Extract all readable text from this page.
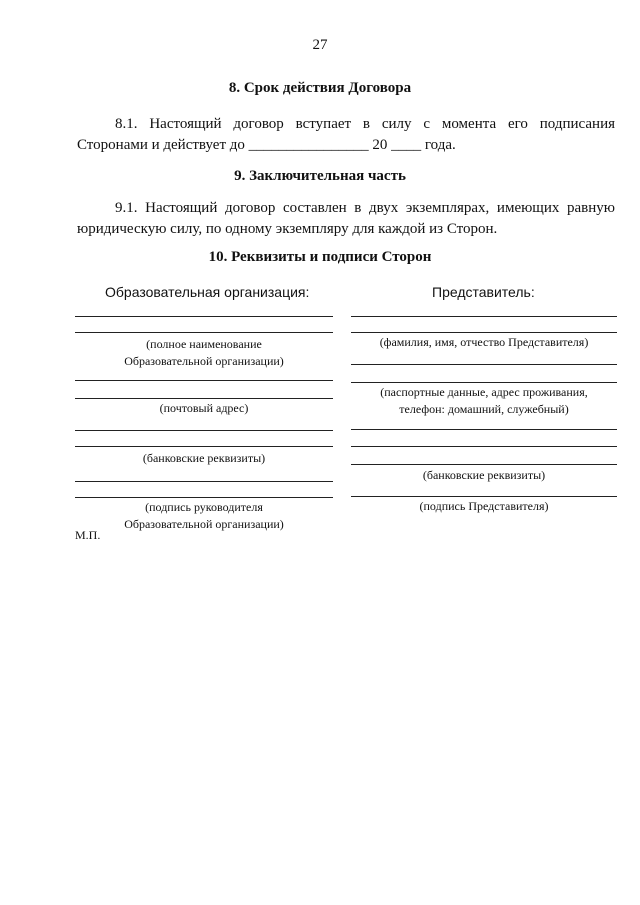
27
8. Срок действия Договора
8.1. Настоящий договор вступает в силу с момента его подписания
Сторонами и действует до ________________ 20 ____ года.
9. Заключительная часть
9.1. Настоящий договор составлен в двух экземплярах, имеющих равную
юридическую силу, по одному экземпляру для каждой из Сторон.
10. Реквизиты и подписи Сторон
Образовательная организация:
(полное наименование
Образовательной организации)
(почтовый адрес)
(банковские реквизиты)
(подпись руководителя
Образовательной организации)
М.П.
Представитель:
(фамилия, имя, отчество Представителя)
(паспортные данные, адрес проживания,
телефон: домашний, служебный)
(банковские реквизиты)
(подпись Представителя)
